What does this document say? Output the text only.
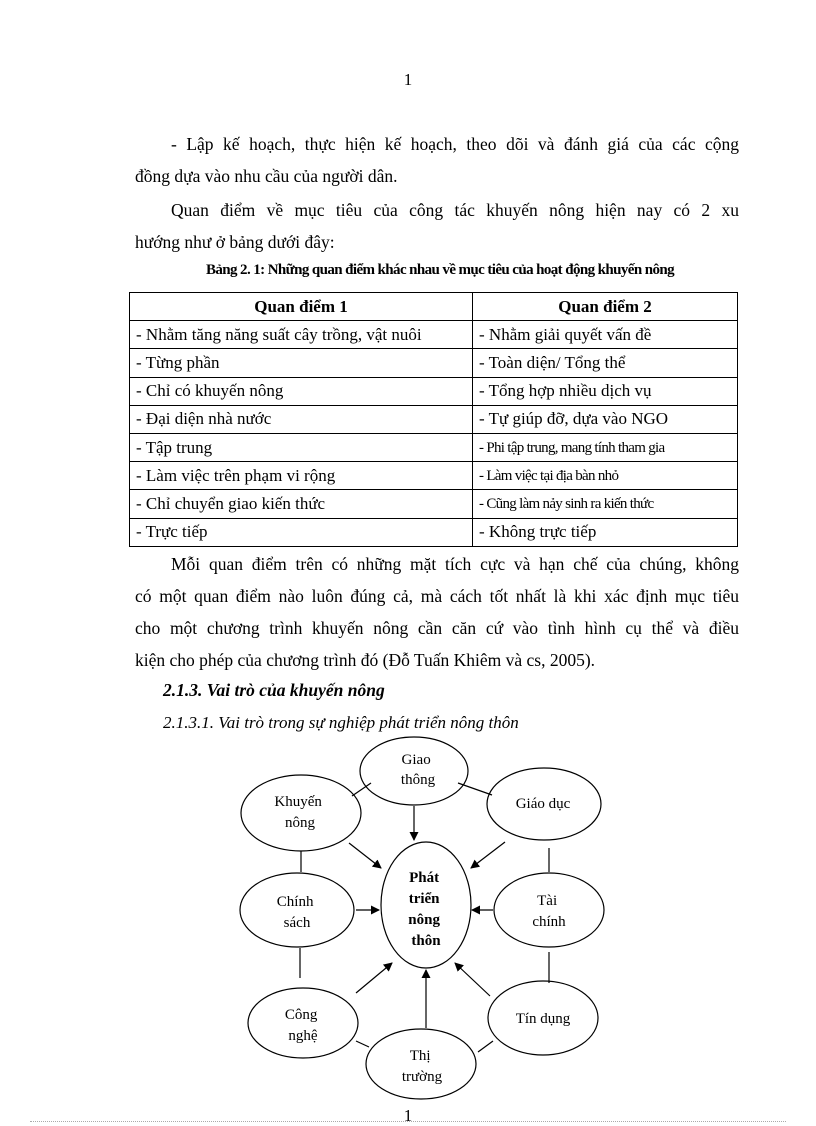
1

- Lập kế hoạch, thực hiện kế hoạch, theo dõi và đánh giá của các cộng
đồng dựa vào nhu cầu của người dân.

Quan điểm về mục tiêu của công tác khuyến nông hiện nay có 2 xu
hướng như ở bảng dưới đây:

Bảng 2. 1: Những quan điểm khác nhau về mục tiêu của hoạt động khuyến nông

Quan điểm 1	Quan điểm 2
- Nhằm tăng năng suất cây trồng, vật nuôi	- Nhằm giải quyết vấn đề
- Từng phần	- Toàn diện/ Tổng thể
- Chỉ có khuyến nông	- Tổng hợp nhiều dịch vụ
- Đại diện nhà nước	- Tự giúp đỡ, dựa vào NGO
- Tập trung	- Phi tập trung, mang tính tham gia
- Làm việc trên phạm vi rộng	- Làm việc tại địa bàn nhỏ
- Chỉ chuyển giao kiến thức	- Cũng làm nảy sinh ra kiến thức
- Trực tiếp	- Không trực tiếp

Mỗi quan điểm trên có những mặt tích cực và hạn chế của chúng, không
có một quan điểm nào luôn đúng cả, mà cách tốt nhất là khi xác định mục tiêu
cho một chương trình khuyến nông cần căn cứ vào tình hình cụ thể và điều
kiện cho phép của chương trình đó (Đỗ Tuấn Khiêm và cs, 2005).

2.1.3. Vai trò của khuyến nông

2.1.3.1. Vai trò trong sự nghiệp phát triển nông thôn

Phát triển nông thôn
Giao thông
Khuyến nông
Giáo dục
Chính sách
Tài chính
Công nghệ
Tín dụng
Thị trường
1
